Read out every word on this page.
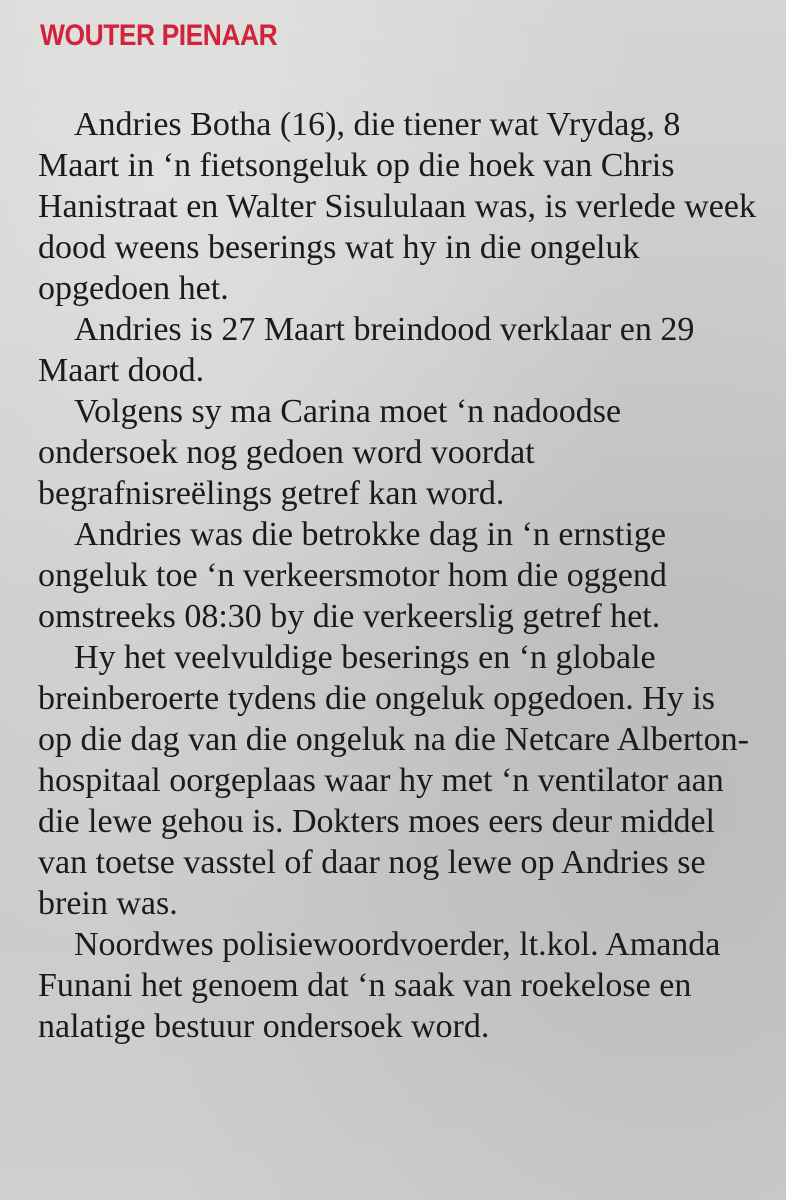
WOUTER PIENAAR

Andries Botha (16), die tiener wat Vrydag, 8 Maart in ‘n fietsongeluk op die hoek van Chris Hanistraat en Walter Sisululaan was, is verlede week dood weens beserings wat hy in die ongeluk opgedoen het.

Andries is 27 Maart breindood verklaar en 29 Maart dood.

Volgens sy ma Carina moet ‘n nadoodse ondersoek nog gedoen word voordat begrafnisreëlings getref kan word.

Andries was die betrokke dag in ‘n ernstige ongeluk toe ‘n verkeersmotor hom die oggend omstreeks 08:30 by die verkeerslig getref het.

Hy het veelvuldige beserings en ‘n globale breinberoerte tydens die ongeluk opgedoen. Hy is op die dag van die ongeluk na die Netcare Alberton-hospitaal oorgeplaas waar hy met ‘n ventilator aan die lewe gehou is. Dokters moes eers deur middel van toetse vasstel of daar nog lewe op Andries se brein was.

Noordwes polisiewoordvoerder, lt.kol. Amanda Funani het genoem dat ‘n saak van roekelose en nalatige bestuur ondersoek word.
